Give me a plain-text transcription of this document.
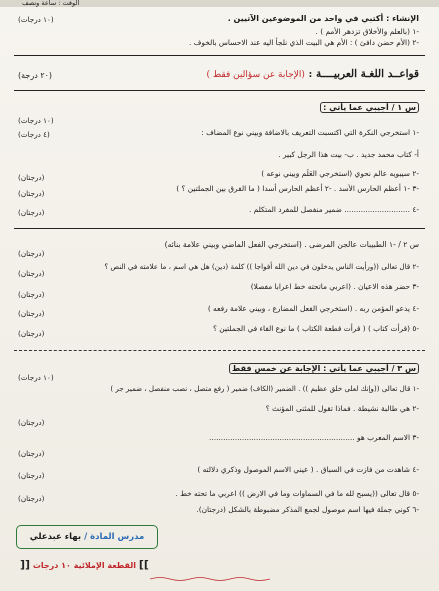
الوقت : ساعة ونصف
الإنشاء : أكتبي في واحد من الموضوعين الآتيين .
( ١٠ درجات )
-١ (بالعلم والأخلاق تزدهر الأمم ) .
-٢ (الأم حضن دافئ ) : الأم هي البيت الذي نلجأ اليه عند الاحساس بالخوف .
قواعــد اللغـة العربيــــة : (الإجابة عن سؤالين فقط )
( ٢٠ درجة )
س ١ / أجيبي عما يأتي :
( ١٠ درجات )
-١ استخرجي النكرة التي اكتسبت التعريف بالاضافة وبيني نوع المضاف :
( ٤ درجات )
أ- كتاب محمد جديد . ب- بيت هذا الرجل كبير .
-٢ سيبويه عالم نحوي (استخرجي العَلَم وبيني نوعه )
( درجتان )
-٣ -١ أعظم الحارس الأسد . -٢ أعظم الحارس أسدا ( ما الفرق بين الجملتين ؟ )
( درجتان )
-٤ ............................ ضمير منفصل للمفرد المتكلم .
( درجتان )
س ٢ / -١ الطبيبات عالجن المرضى . (استخرجي الفعل الماضي وبيني علامة بنائه)
( درجتان )
-٢ قال تعالى ((ورأيت الناس يدخلون في دين الله أفواجا )) كلمة (دين) هل هي اسم ، ما علامته في النص ؟
( درجتان )
-٣ حضر هذه الاعيان . (اعربي ماتحته خط اعرابا مفصلا)
( درجتان )
-٤ يدعو المؤمن ربه . (استخرجي الفعل المضارع ، وبيني علامة رفعه )
( درجتان )
-٥ (قرأت كتاب ) ( قرأت قطعة الكتاب ) ما نوع الفاء في الجملتين ؟
( درجتان )
س ٣ / أجيبي عما يأتي : الإجابة عن خمس فقط
( ١٠ درجات )
-١ قال تعالى ((وإنك لعلى خلق عظيم )) . الضمير (الكاف) ضمير ( رفع متصل ، نصب منفصل ، ضمير جر )
-٢ هي طالبة نشيطة . فماذا تقول للمثنى المؤنث ؟
( درجتان )
-٣ الاسم المعرب هو ..............................................................
( درجتان )
-٤ شاهدت من فازت في السباق . ( عيني الاسم الموصول وذكري دلالته )
( درجتان )
-٥ قال تعالى ((يسبح لله ما في السماوات وما في الارض )) اعربي ما تحته خط .
( درجتان )
-٦ كوني جملة فيها اسم موصول لجمع المذكر مضبوطة بالشكل (درجتان).
مدرس المادة / بهاء عبدعلي
]] القطعة الإملائية ١٠ درجات [[
